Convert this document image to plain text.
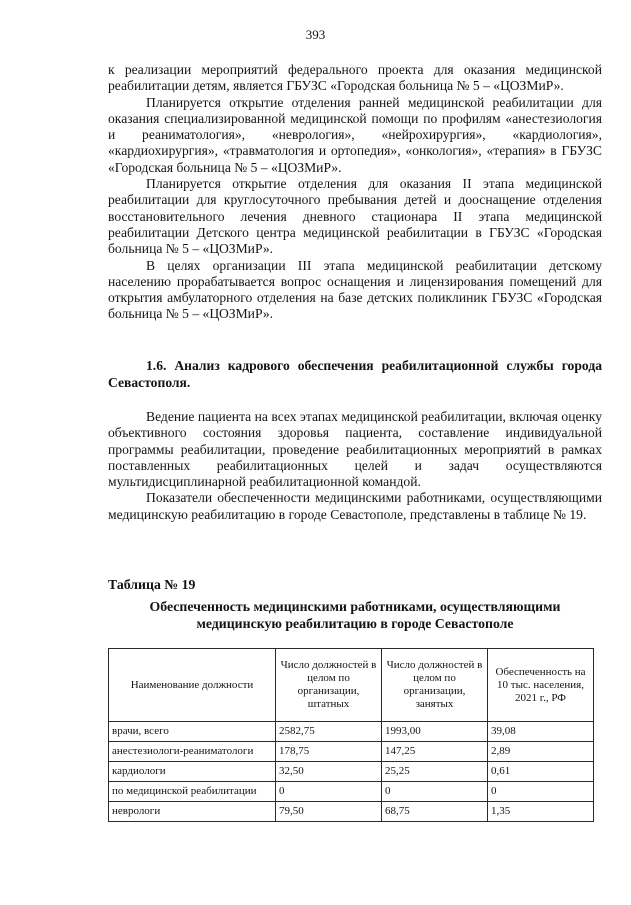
393

к реализации мероприятий федерального проекта для оказания медицинской реабилитации детям, является ГБУЗС «Городская больница № 5 – «ЦОЗМиР».

Планируется открытие отделения ранней медицинской реабилитации для оказания специализированной медицинской помощи по профилям «анестезиология и реаниматология», «неврология», «нейрохирургия», «кардиология», «кардиохирургия», «травматология и ортопедия», «онкология», «терапия» в ГБУЗС «Городская больница № 5 – «ЦОЗМиР».

Планируется открытие отделения для оказания II этапа медицинской реабилитации для круглосуточного пребывания детей и дооснащение отделения восстановительного лечения дневного стационара II этапа медицинской реабилитации Детского центра медицинской реабилитации в ГБУЗС «Городская больница № 5 – «ЦОЗМиР».

В целях организации III этапа медицинской реабилитации детскому населению прорабатывается вопрос оснащения и лицензирования помещений для открытия амбулаторного отделения на базе детских поликлиник ГБУЗС «Городская больница № 5 – «ЦОЗМиР».

1.6. Анализ кадрового обеспечения реабилитационной службы города Севастополя.

Ведение пациента на всех этапах медицинской реабилитации, включая оценку объективного состояния здоровья пациента, составление индивидуальной программы реабилитации, проведение реабилитационных мероприятий в рамках поставленных реабилитационных целей и задач осуществляются мультидисциплинарной реабилитационной командой.

Показатели обеспеченности медицинскими работниками, осуществляющими медицинскую реабилитацию в городе Севастополе, представлены в таблице № 19.

Таблица № 19

Обеспеченность медицинскими работниками, осуществляющими медицинскую реабилитацию в городе Севастополе

Наименование должности	Число должностей в целом по организации, штатных	Число должностей в целом по организации, занятых	Обеспеченность на 10 тыс. населения, 2021 г., РФ
врачи, всего	2582,75	1993,00	39,08
анестезиологи-реаниматологи	178,75	147,25	2,89
кардиологи	32,50	25,25	0,61
по медицинской реабилитации	0	0	0
неврологи	79,50	68,75	1,35
